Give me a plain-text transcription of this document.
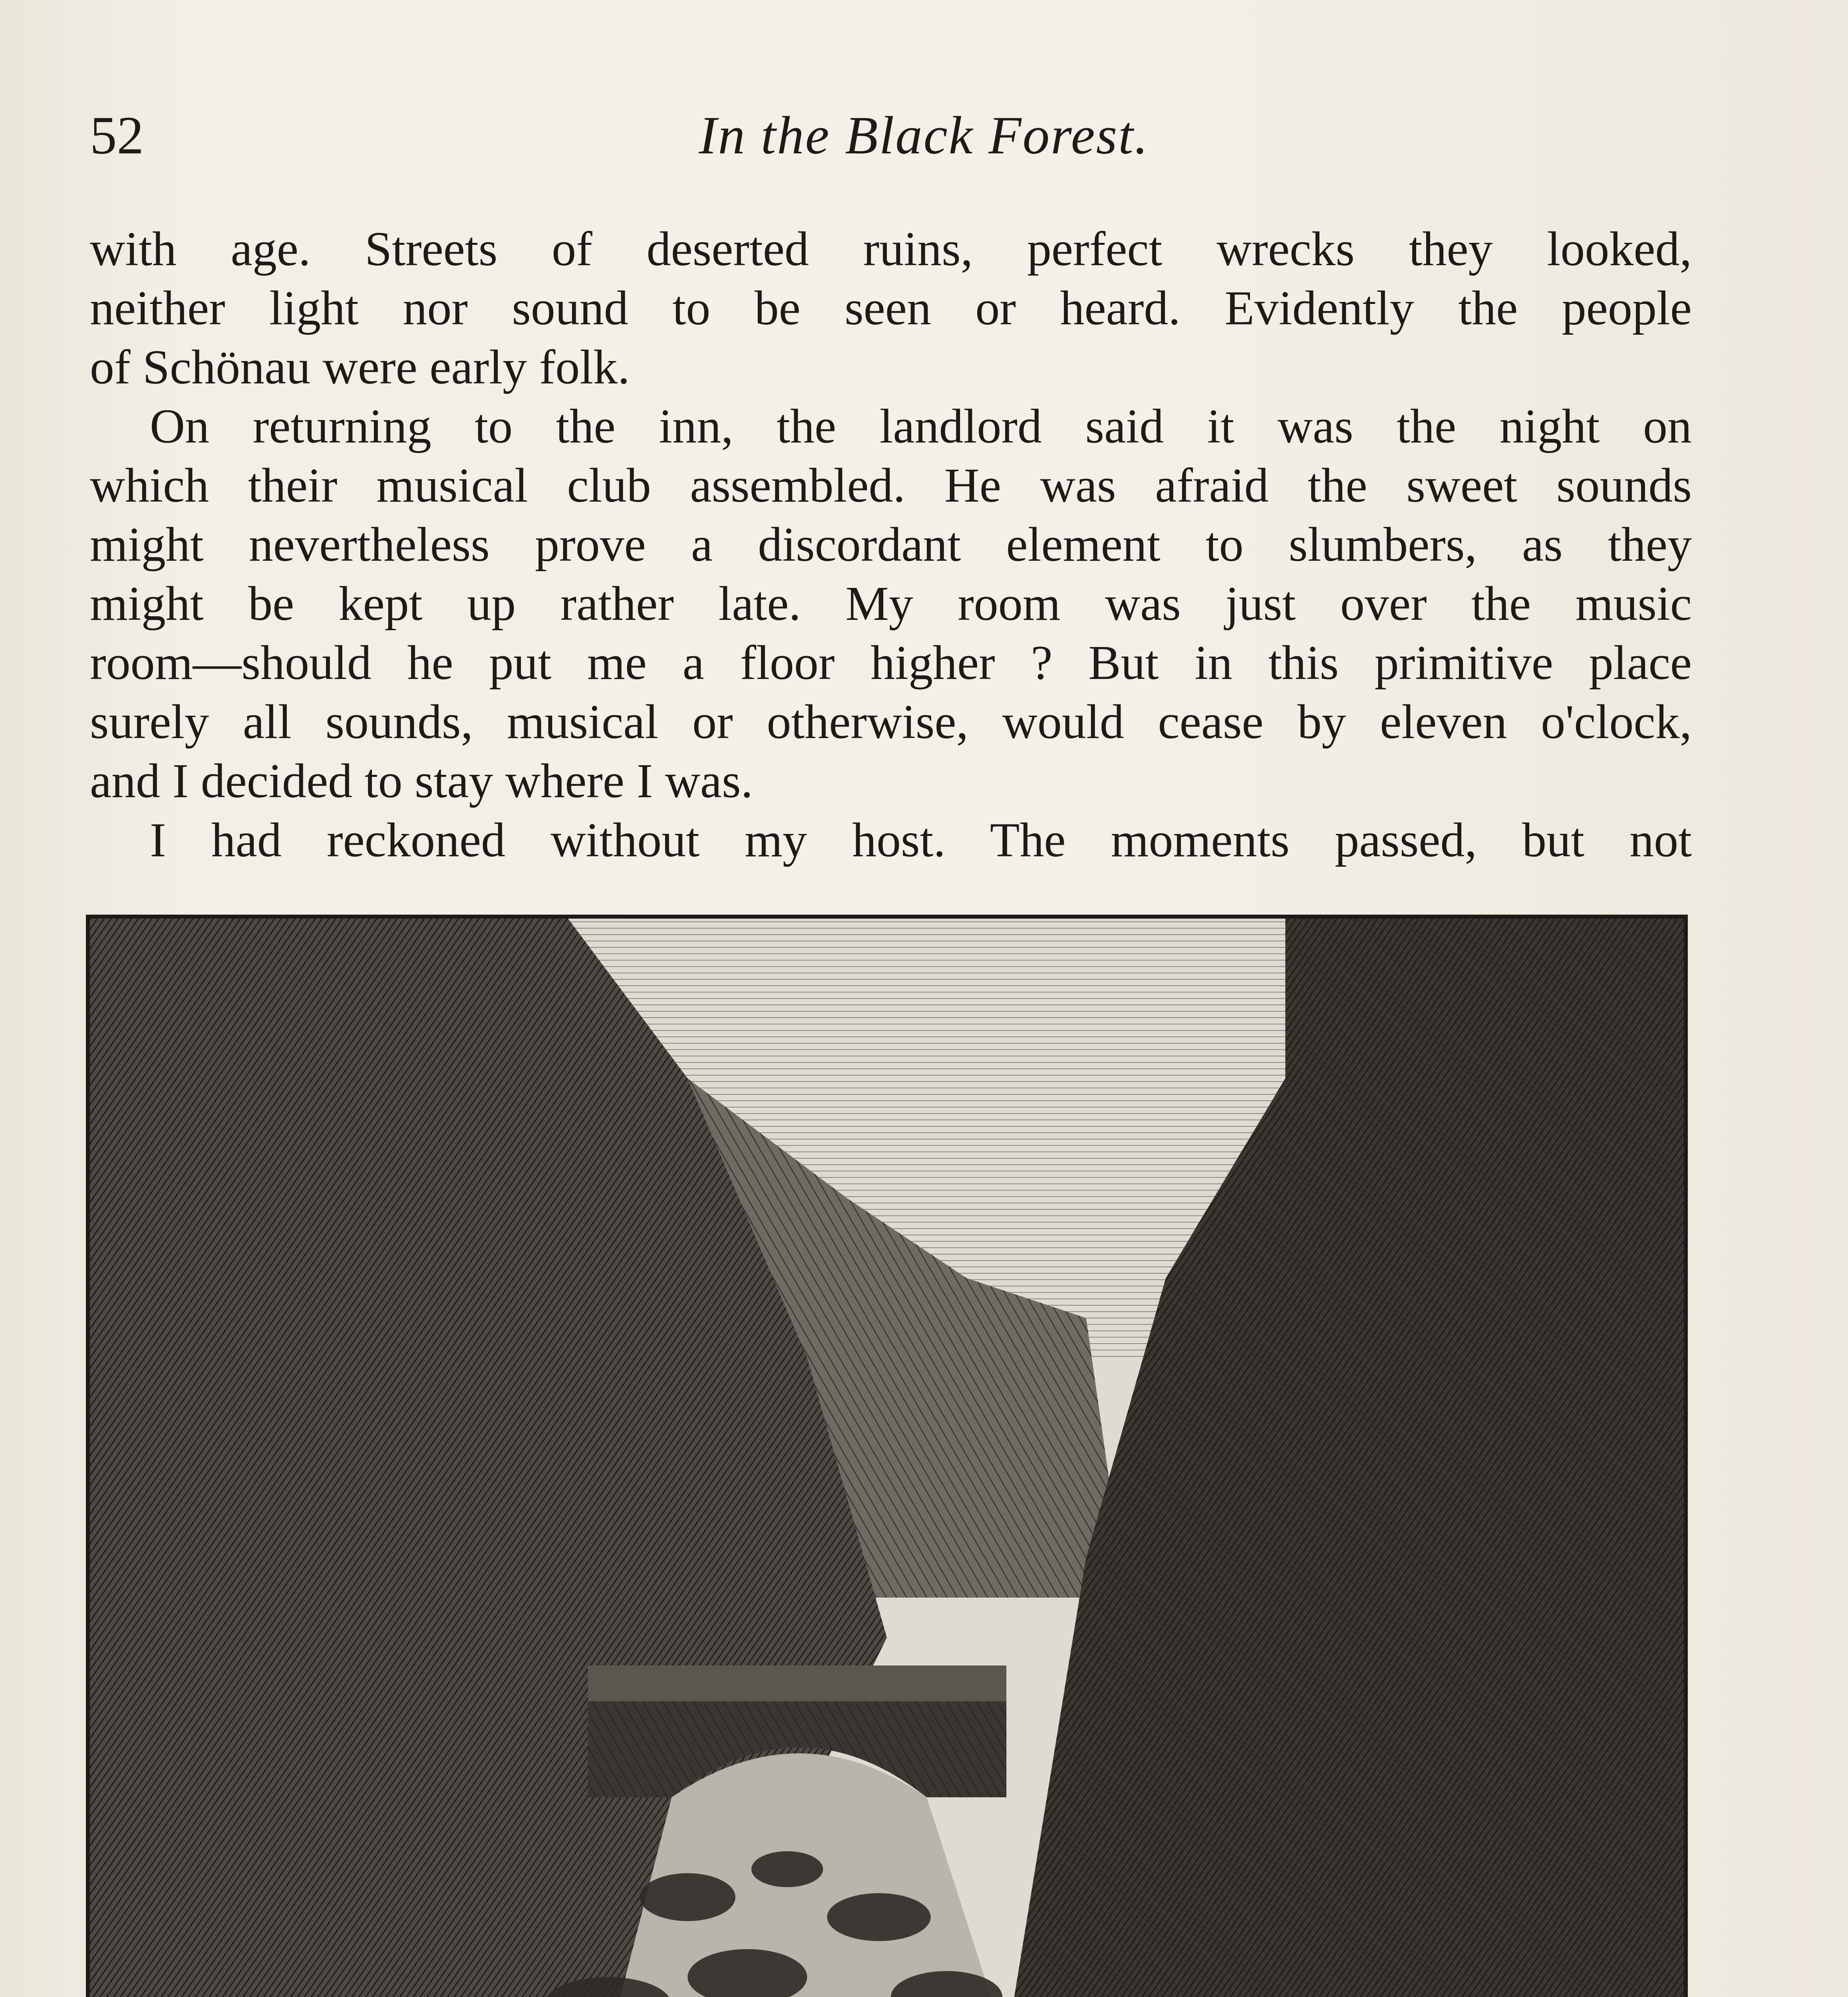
52	In the Black Forest.
with age. Streets of deserted ruins, perfect wrecks they looked,
neither light nor sound to be seen or heard. Evidently the people
of Schönau were early folk.
On returning to the inn, the landlord said it was the night on
which their musical club assembled. He was afraid the sweet sounds
might nevertheless prove a discordant element to slumbers, as they
might be kept up rather late. My room was just over the music
room—should he put me a floor higher ? But in this primitive place
surely all sounds, musical or otherwise, would cease by eleven o'clock,
and I decided to stay where I was.
I had reckoned without my host. The moments passed, but not
